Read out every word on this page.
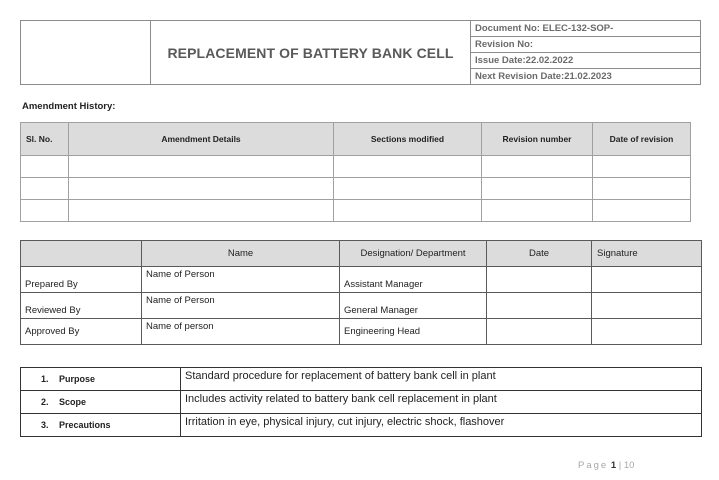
	REPLACEMENT OF BATTERY BANK CELL	Document No: ELEC-132-SOP-
Revision No:
Issue Date:22.02.2022
Next Revision Date:21.02.2023
Amendment History:
Sl. No.	Amendment Details	Sections modified	Revision number	Date of revision

	Name	Designation/ Department	Date	Signature
Prepared By	Name of Person	Assistant Manager		
Reviewed By	Name of Person	General Manager		
Approved By	Name of person	Engineering Head		
1. Purpose	Standard procedure for replacement of battery bank cell in plant
2. Scope	Includes activity related to battery bank cell replacement in plant
3. Precautions	Irritation in eye, physical injury, cut injury, electric shock, flashover
Page 1 | 10
